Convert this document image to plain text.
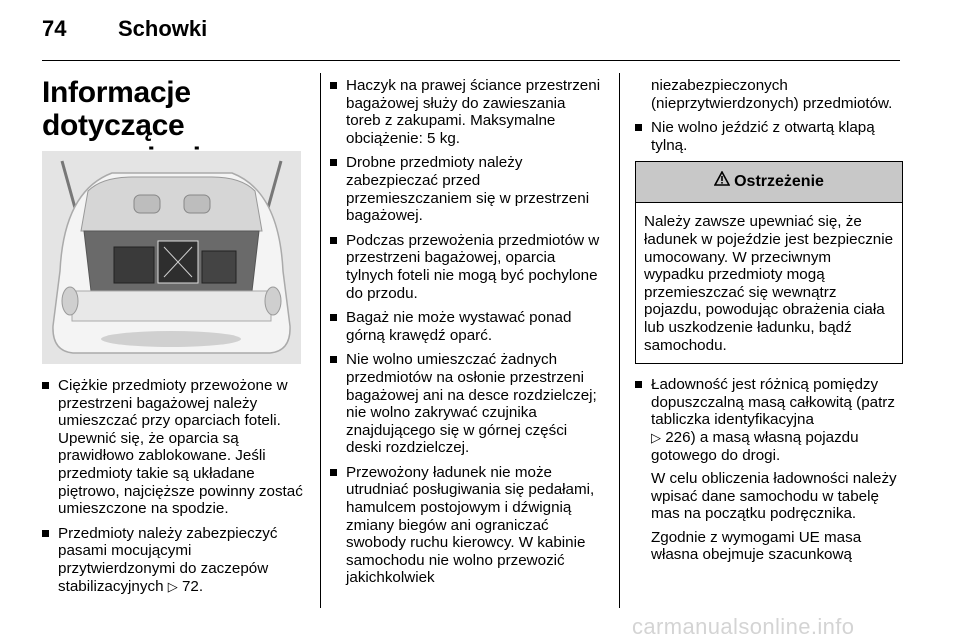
74 Schowki
Informacje dotyczące
Ciężkie przedmioty przewożone w przestrzeni bagażowej należy umieszczać przy oparciach foteli. Upewnić się, że oparcia są prawidłowo zablokowane. Jeśli przedmioty takie są układane piętrowo, najcięższe powinny zostać umieszczone na spodzie.
Przedmioty należy zabezpieczyć pasami mocującymi przytwierdzonymi do zaczepów stabilizacyjnych ▷ 72.
Haczyk na prawej ściance przestrzeni bagażowej służy do zawieszania toreb z zakupami. Maksymalne obciążenie: 5 kg.
Drobne przedmioty należy zabezpieczać przed przemieszczaniem się w przestrzeni bagażowej.
Podczas przewożenia przedmiotów w przestrzeni bagażowej, oparcia tylnych foteli nie mogą być pochylone do przodu.
Bagaż nie może wystawać ponad górną krawędź oparć.
Nie wolno umieszczać żadnych przedmiotów na osłonie przestrzeni bagażowej ani na desce rozdzielczej; nie wolno zakrywać czujnika znajdującego się w górnej części deski rozdzielczej.
Przewożony ładunek nie może utrudniać posługiwania się pedałami, hamulcem postojowym i dźwignią zmiany biegów ani ograniczać swobody ruchu kierowcy. W kabinie samochodu nie wolno przewozić jakichkolwiek
niezabezpieczonych (nieprzytwierdzonych) przedmiotów.
Nie wolno jeździć z otwartą klapą tylną.
Ostrzeżenie
Należy zawsze upewniać się, że ładunek w pojeździe jest bezpiecznie umocowany. W przeciwnym wypadku przedmioty mogą przemieszczać się wewnątrz pojazdu, powodując obrażenia ciała lub uszkodzenie ładunku, bądź samochodu.
Ładowność jest różnicą pomiędzy dopuszczalną masą całkowitą (patrz tabliczka identyfikacyjna
▷ 226) a masą własną pojazdu gotowego do drogi.

W celu obliczenia ładowności należy wpisać dane samochodu w tabelę mas na początku podręcznika.

Zgodnie z wymogami UE masa własna obejmuje szacunkową

carmanualsonline.info
